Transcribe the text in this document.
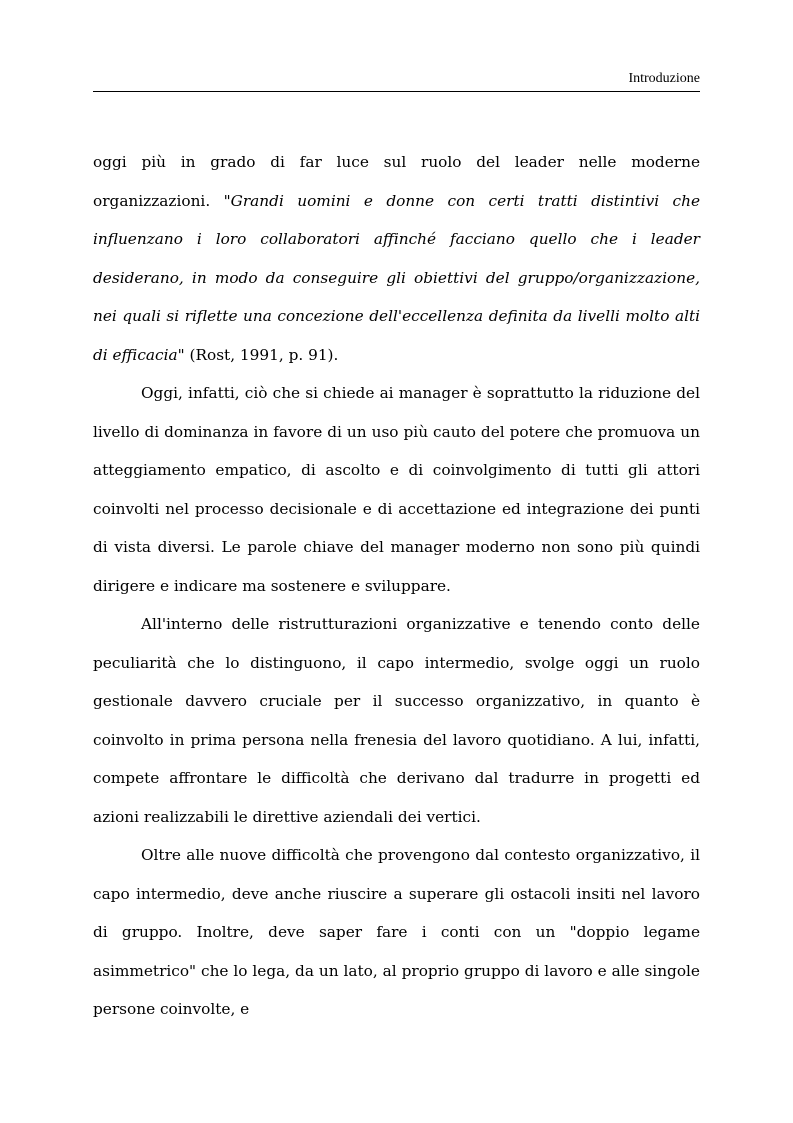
Introduzione

oggi più in grado di far luce sul ruolo del leader nelle moderne organizzazioni. "Grandi uomini e donne con certi tratti distintivi che influenzano i loro collaboratori affinché facciano quello che i leader desiderano, in modo da conseguire gli obiettivi del gruppo/organizzazione, nei quali si riflette una concezione dell'eccellenza definita da livelli molto alti di efficacia" (Rost, 1991, p. 91).

Oggi, infatti, ciò che si chiede ai manager è soprattutto la riduzione del livello di dominanza in favore di un uso più cauto del potere che promuova un atteggiamento empatico, di ascolto e di coinvolgimento di tutti gli attori coinvolti nel processo decisionale e di accettazione ed integrazione dei punti di vista diversi. Le parole chiave del manager moderno non sono più quindi dirigere e indicare ma sostenere e sviluppare.

All'interno delle ristrutturazioni organizzative e tenendo conto delle peculiarità che lo distinguono, il capo intermedio, svolge oggi un ruolo gestionale davvero cruciale per il successo organizzativo, in quanto è coinvolto in prima persona nella frenesia del lavoro quotidiano. A lui, infatti, compete affrontare le difficoltà che derivano dal tradurre in progetti ed azioni realizzabili le direttive aziendali dei vertici.

Oltre alle nuove difficoltà che provengono dal contesto organizzativo, il capo intermedio, deve anche riuscire a superare gli ostacoli insiti nel lavoro di gruppo. Inoltre, deve saper fare i conti con un "doppio legame asimmetrico" che lo lega, da un lato, al proprio gruppo di lavoro e alle singole persone coinvolte, e
